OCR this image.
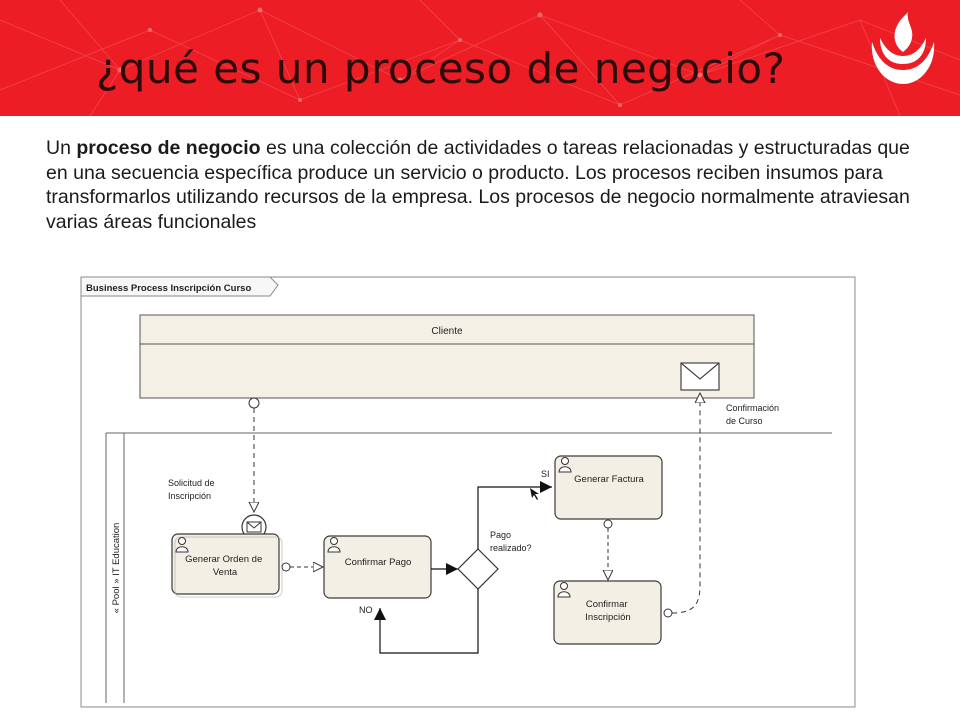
¿qué es un proceso de negocio?
Un proceso de negocio es una colección de actividades o tareas relacionadas y estructuradas que en una secuencia específica produce un servicio o producto. Los procesos reciben insumos para transformarlos utilizando recursos de la empresa. Los procesos de negocio normalmente atraviesan varias áreas funcionales
Business Process Inscripción Curso
Cliente
« Pool » IT Education
Solicitud de Inscripción
Generar Orden de Venta
Confirmar Pago
Pago realizado?
SI
NO
Generar Factura
Confirmar Inscripción
Confirmación de Curso
